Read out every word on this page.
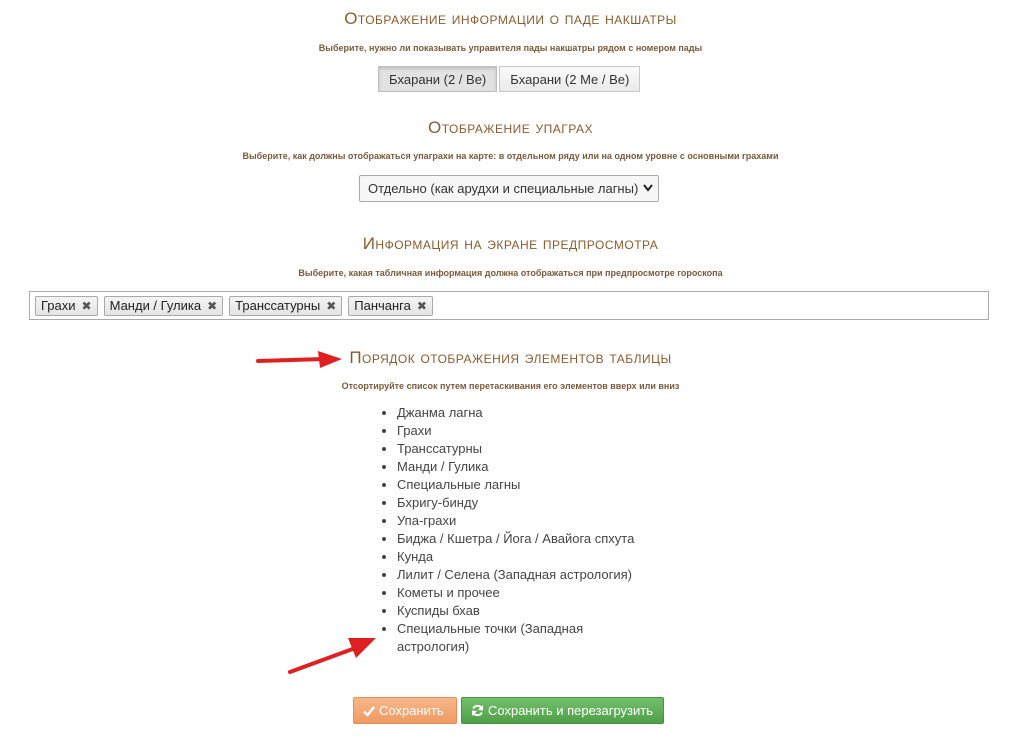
Отображение информации о паде накшатры
Выберите, нужно ли показывать управителя пады накшатры рядом с номером пады
Бхарани (2 / Ве)	Бхарани (2 Ме / Ве)
Отображение упаграх
Выберите, как должны отображаться упаграхи на карте: в отдельном ряду или на одном уровне с основными грахами
Отдельно (как арудхи и специальные лагны)
Информация на экране предпросмотра
Выберите, какая табличная информация должна отображаться при предпросмотре гороскопа
Грахи ✖ Манди / Гулика ✖ Транссатурны ✖ Панчанга ✖
Порядок отображения элементов таблицы
Отсортируйте список путем перетаскивания его элементов вверх или вниз
• Джанма лагна
• Грахи
• Транссатурны
• Манди / Гулика
• Специальные лагны
• Бхригу-бинду
• Упа-грахи
• Биджа / Кшетра / Йога / Авайога спхута
• Кунда
• Лилит / Селена (Западная астрология)
• Кометы и прочее
• Куспиды бхав
• Специальные точки (Западная астрология)
Сохранить	Сохранить и перезагрузить
